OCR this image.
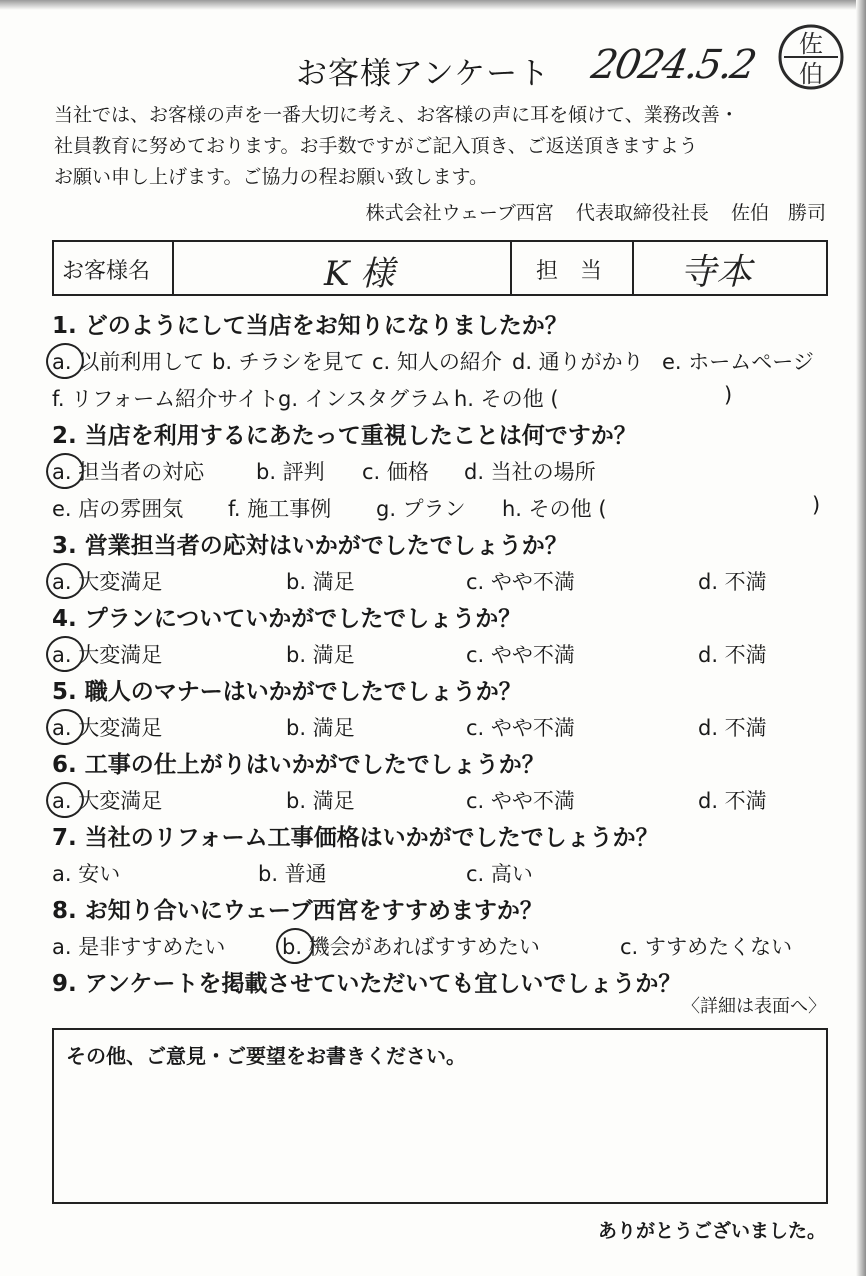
お客様アンケート 2024.5.2 佐
伯
当社では、お客様の声を一番大切に考え、お客様の声に耳を傾けて、業務改善・
社員教育に努めております。お手数ですがご記入頂き、ご返送頂きますよう
お願い申し上げます。ご協力の程お願い致します。
株式会社ウェーブ西宮 代表取締役社長 佐伯　勝司
お客様名	K 様	担　当 寺本
1. どのようにして当店をお知りになりましたか？
a. 以前利用して b. チラシを見て c. 知人の紹介 d. 通りがかり e. ホームページ
f. リフォーム紹介サイト g. インスタグラム h. その他 (	)
2. 当店を利用するにあたって重視したことは何ですか？
a. 担当者の対応 b. 評判 c. 価格 d. 当社の場所
e. 店の雰囲気 f. 施工事例 g. プラン h. その他 (	)
3. 営業担当者の応対はいかがでしたでしょうか？
a. 大変満足	b. 満足	c. やや不満	d. 不満
4. プランについていかがでしたでしょうか？
a. 大変満足	b. 満足	c. やや不満	d. 不満
5. 職人のマナーはいかがでしたでしょうか？
a. 大変満足	b. 満足	c. やや不満	d. 不満
6. 工事の仕上がりはいかがでしたでしょうか？
a. 大変満足	b. 満足	c. やや不満	d. 不満
7. 当社のリフォーム工事価格はいかがでしたでしょうか？
a. 安い	b. 普通	c. 高い
8. お知り合いにウェーブ西宮をすすめますか？
a. 是非すすめたい	b. 機会があればすすめたい	c. すすめたくない
9. アンケートを掲載させていただいても宜しいでしょうか？
〈詳細は表面へ〉
その他、ご意見・ご要望をお書きください。
ありがとうございました。
